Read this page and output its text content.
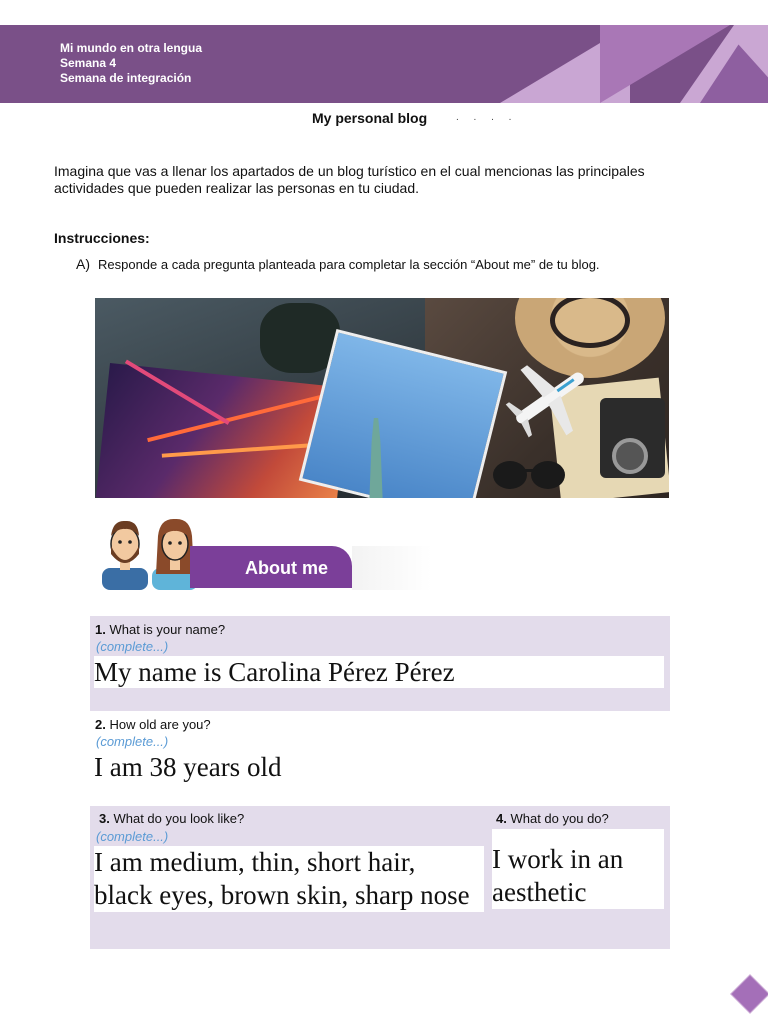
Mi mundo en otra lengua
Semana 4
Semana de integración
My personal blog	. . . .
Imagina que vas a llenar los apartados de un blog turístico en el cual mencionas las principales actividades que pueden realizar las personas en tu ciudad.
Instrucciones:
A) Responde a cada pregunta planteada para completar la sección “About me” de tu blog.
About me
1. What is your name?
(complete...)
My name is Carolina Pérez Pérez
2. How old are you?
(complete...)
I am 38 years old
3. What do you look like?
(complete...)
I am medium, thin, short hair,
black eyes, brown skin, sharp nose
4. What do you do?
I work in an
aesthetic
